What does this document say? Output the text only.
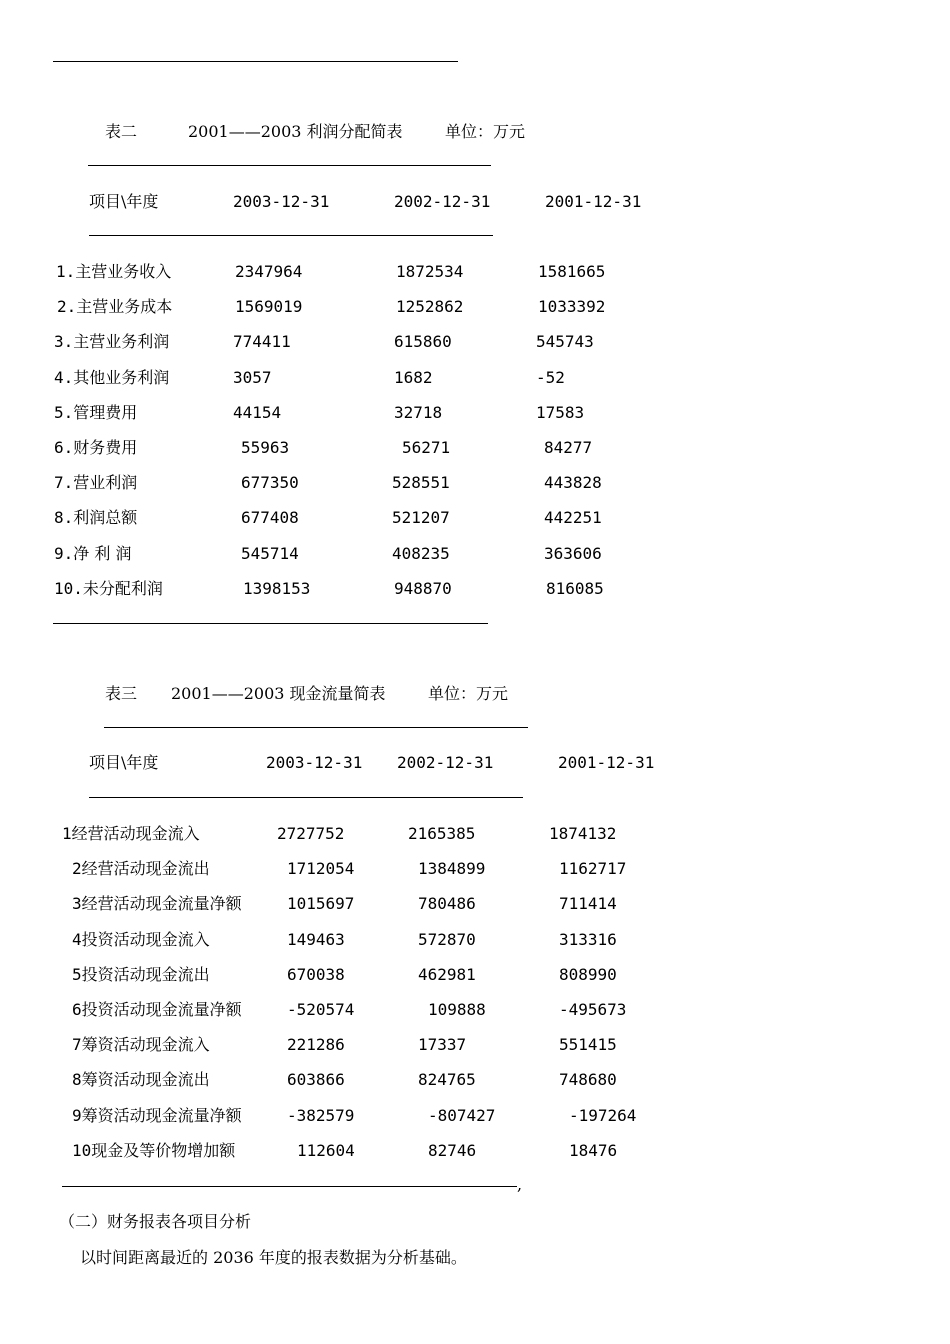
表二	2001——2003 利润分配简表	单位：万元
项目\年度	2003-12-31	2002-12-31	2001-12-31
1.主营业务收入	2347964	1872534	1581665
2.主营业务成本	1569019	1252862	1033392
3.主营业务利润	774411	615860	545743
4.其他业务利润	3057	1682	-52
5.管理费用	44154	32718	17583
6.财务费用	55963	56271	84277
7.营业利润	677350	528551	443828
8.利润总额	677408	521207	442251
9.净 利 润	545714	408235	363606
10.未分配利润	1398153	948870	816085
表三 2001——2003 现金流量简表	单位：万元
项目\年度	2003-12-31 2002-12-31	2001-12-31
1经营活动现金流入	2727752	2165385	1874132
2经营活动现金流出	1712054	1384899	1162717
3经营活动现金流量净额	1015697	780486	711414
4投资活动现金流入	149463	572870	313316
5投资活动现金流出	670038	462981	808990
6投资活动现金流量净额	-520574	109888	-495673
7筹资活动现金流入	221286	17337	551415
8筹资活动现金流出	603866	824765	748680
9筹资活动现金流量净额	-382579	-807427	-197264
10现金及等价物增加额	112604	82746	18476
,
（二）财务报表各项目分析
以时间距离最近的 2036 年度的报表数据为分析基础。
